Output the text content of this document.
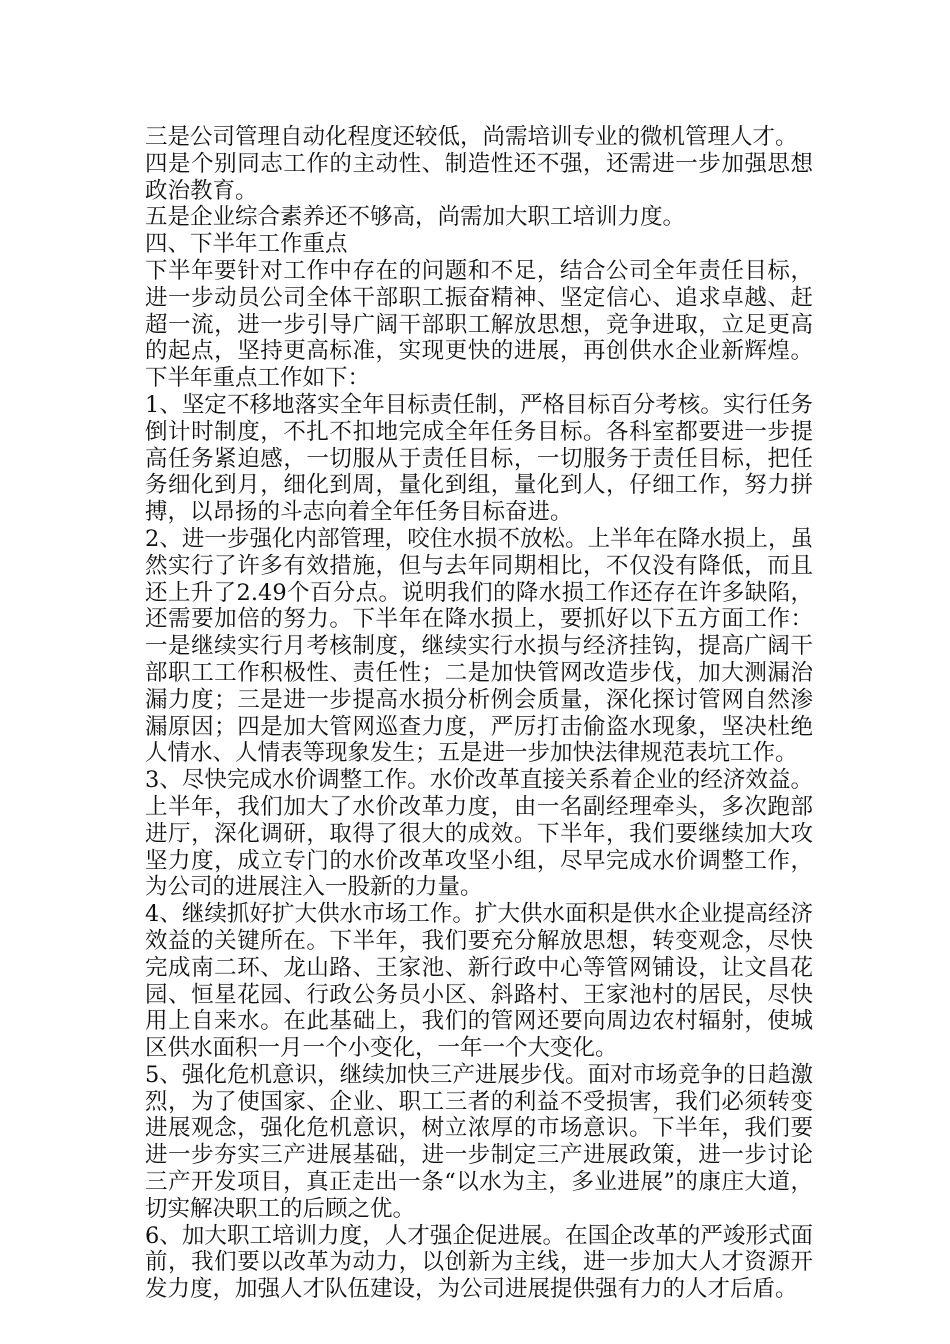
三是公司管理自动化程度还较低，尚需培训专业的微机管理人才。

四是个别同志工作的主动性、制造性还不强，还需进一步加强思想政治教育。

五是企业综合素养还不够高，尚需加大职工培训力度。

四、下半年工作重点

下半年要针对工作中存在的问题和不足，结合公司全年责任目标，进一步动员公司全体干部职工振奋精神、坚定信心、追求卓越、赶超一流，进一步引导广阔干部职工解放思想，竞争进取，立足更高的起点，坚持更高标准，实现更快的进展，再创供水企业新辉煌。下半年重点工作如下：

1、坚定不移地落实全年目标责任制，严格目标百分考核。实行任务倒计时制度，不扎不扣地完成全年任务目标。各科室都要进一步提高任务紧迫感，一切服从于责任目标，一切服务于责任目标，把任务细化到月，细化到周，量化到组，量化到人，仔细工作，努力拼搏，以昂扬的斗志向着全年任务目标奋进。

2、进一步强化内部管理，咬住水损不放松。上半年在降水损上，虽然实行了许多有效措施，但与去年同期相比，不仅没有降低，而且还上升了2.49个百分点。说明我们的降水损工作还存在许多缺陷，还需要加倍的努力。下半年在降水损上，要抓好以下五方面工作：一是继续实行月考核制度，继续实行水损与经济挂钩，提高广阔干部职工工作积极性、责任性；二是加快管网改造步伐，加大测漏治漏力度；三是进一步提高水损分析例会质量，深化探讨管网自然渗漏原因；四是加大管网巡查力度，严厉打击偷盗水现象，坚决杜绝人情水、人情表等现象发生；五是进一步加快法律规范表坑工作。

3、尽快完成水价调整工作。水价改革直接关系着企业的经济效益。上半年，我们加大了水价改革力度，由一名副经理牵头，多次跑部进厅，深化调研，取得了很大的成效。下半年，我们要继续加大攻坚力度，成立专门的水价改革攻坚小组，尽早完成水价调整工作，为公司的进展注入一股新的力量。

4、继续抓好扩大供水市场工作。扩大供水面积是供水企业提高经济效益的关键所在。下半年，我们要充分解放思想，转变观念，尽快完成南二环、龙山路、王家池、新行政中心等管网铺设，让文昌花园、恒星花园、行政公务员小区、斜路村、王家池村的居民，尽快用上自来水。在此基础上，我们的管网还要向周边农村辐射，使城区供水面积一月一个小变化，一年一个大变化。

5、强化危机意识，继续加快三产进展步伐。面对市场竞争的日趋激烈，为了使国家、企业、职工三者的利益不受损害，我们必须转变进展观念，强化危机意识，树立浓厚的市场意识。下半年，我们要进一步夯实三产进展基础，进一步制定三产进展政策，进一步讨论三产开发项目，真正走出一条“以水为主，多业进展”的康庄大道，切实解决职工的后顾之优。

6、加大职工培训力度，人才强企促进展。在国企改革的严竣形式面前，我们要以改革为动力，以创新为主线，进一步加大人才资源开发力度，加强人才队伍建设，为公司进展提供强有力的人才后盾。
